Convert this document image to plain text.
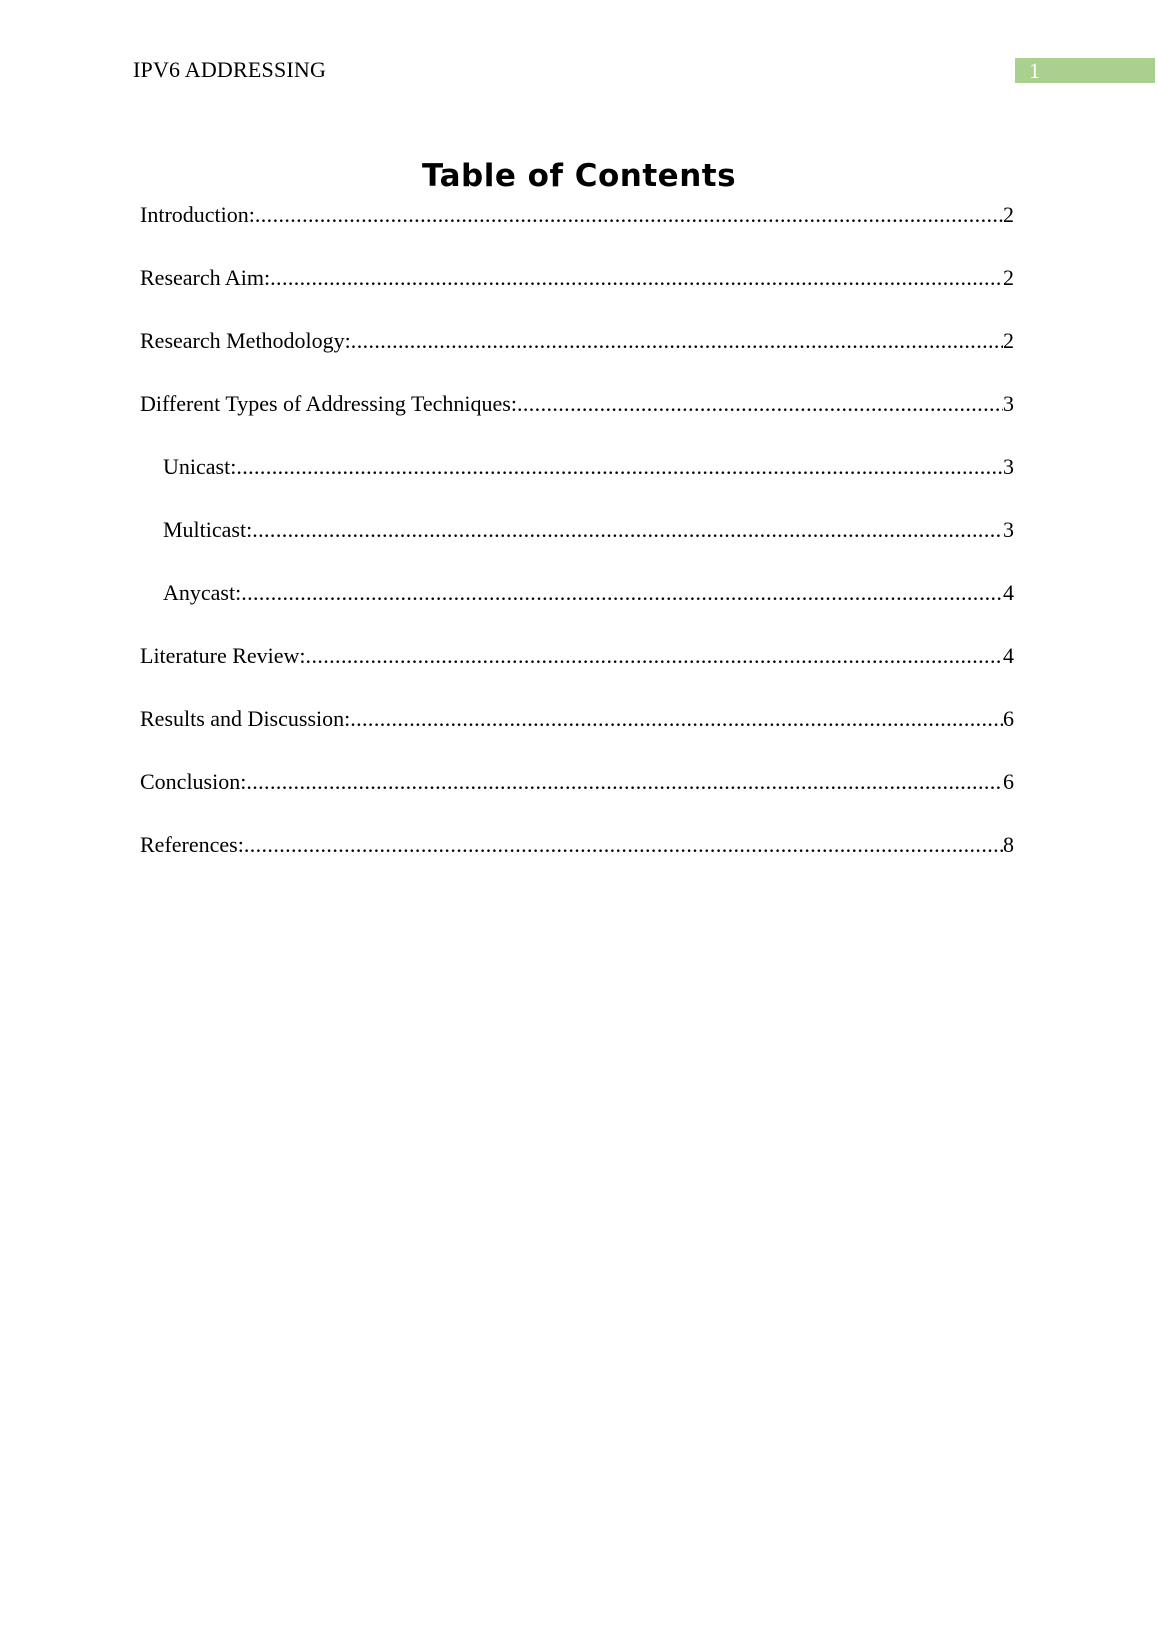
IPV6 ADDRESSING	1
Table of Contents
Introduction: .....	2
Research Aim: .....	2
Research Methodology: .....	2
Different Types of Addressing Techniques: .....	3
Unicast: .....	3
Multicast: .....	3
Anycast: .....	4
Literature Review: .....	4
Results and Discussion: .....	6
Conclusion: .....	6
References: .....	8
